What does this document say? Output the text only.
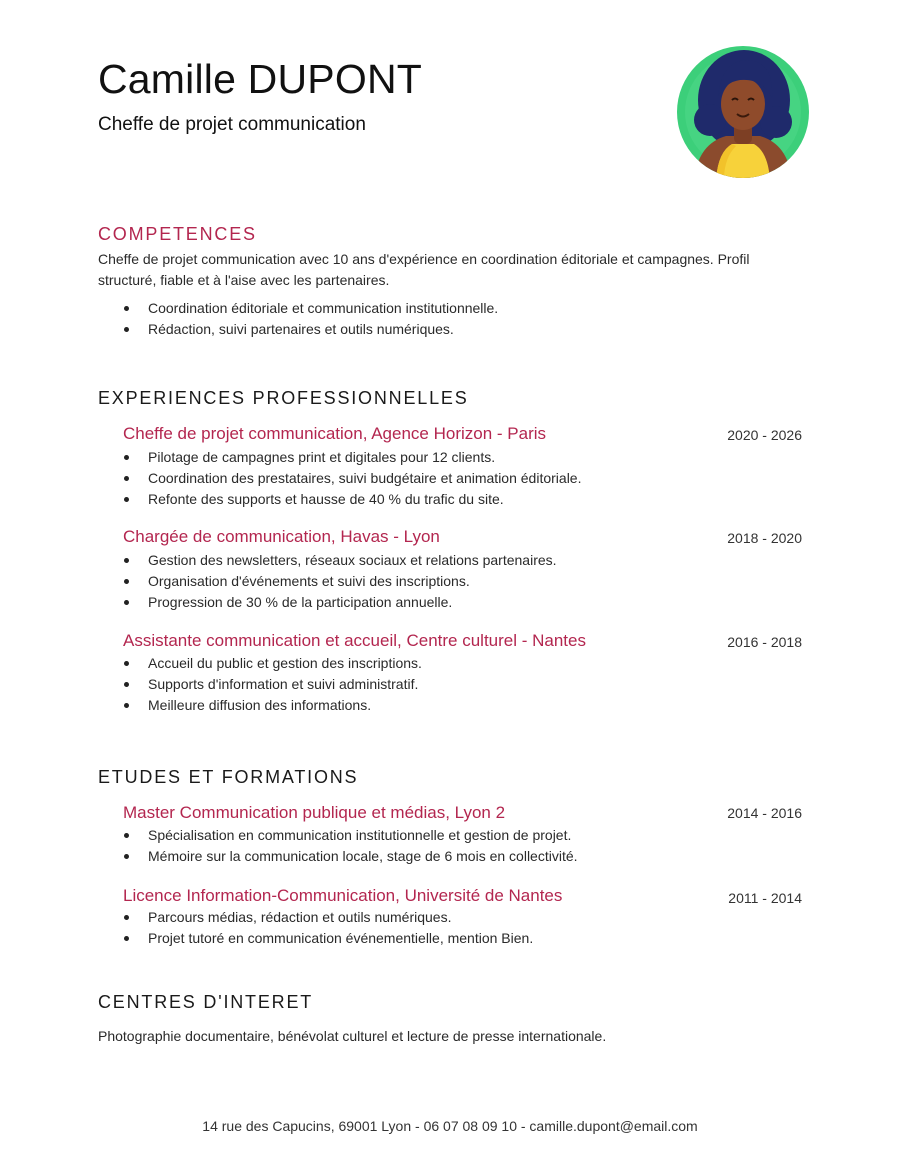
Camille DUPONT
Cheffe de projet communication
COMPETENCES
Cheffe de projet communication avec 10 ans d'expérience en coordination éditoriale et campagnes. Profil structuré, fiable et à l'aise avec les partenaires.
Coordination éditoriale et communication institutionnelle.
Rédaction, suivi partenaires et outils numériques.
EXPERIENCES PROFESSIONNELLES
Cheffe de projet communication, Agence Horizon - Paris	2020 - 2026
Pilotage de campagnes print et digitales pour 12 clients.
Coordination des prestataires, suivi budgétaire et animation éditoriale.
Refonte des supports et hausse de 40 % du trafic du site.
Chargée de communication, Havas - Lyon	2018 - 2020
Gestion des newsletters, réseaux sociaux et relations partenaires.
Organisation d'événements et suivi des inscriptions.
Progression de 30 % de la participation annuelle.
Assistante communication et accueil, Centre culturel - Nantes	2016 - 2018
Accueil du public et gestion des inscriptions.
Supports d'information et suivi administratif.
Meilleure diffusion des informations.
ETUDES ET FORMATIONS
Master Communication publique et médias, Lyon 2	2014 - 2016
Spécialisation en communication institutionnelle et gestion de projet.
Mémoire sur la communication locale, stage de 6 mois en collectivité.
Licence Information-Communication, Université de Nantes	2011 - 2014
Parcours médias, rédaction et outils numériques.
Projet tutoré en communication événementielle, mention Bien.
CENTRES D'INTERET
Photographie documentaire, bénévolat culturel et lecture de presse internationale.
14 rue des Capucins, 69001 Lyon - 06 07 08 09 10 - camille.dupont@email.com
